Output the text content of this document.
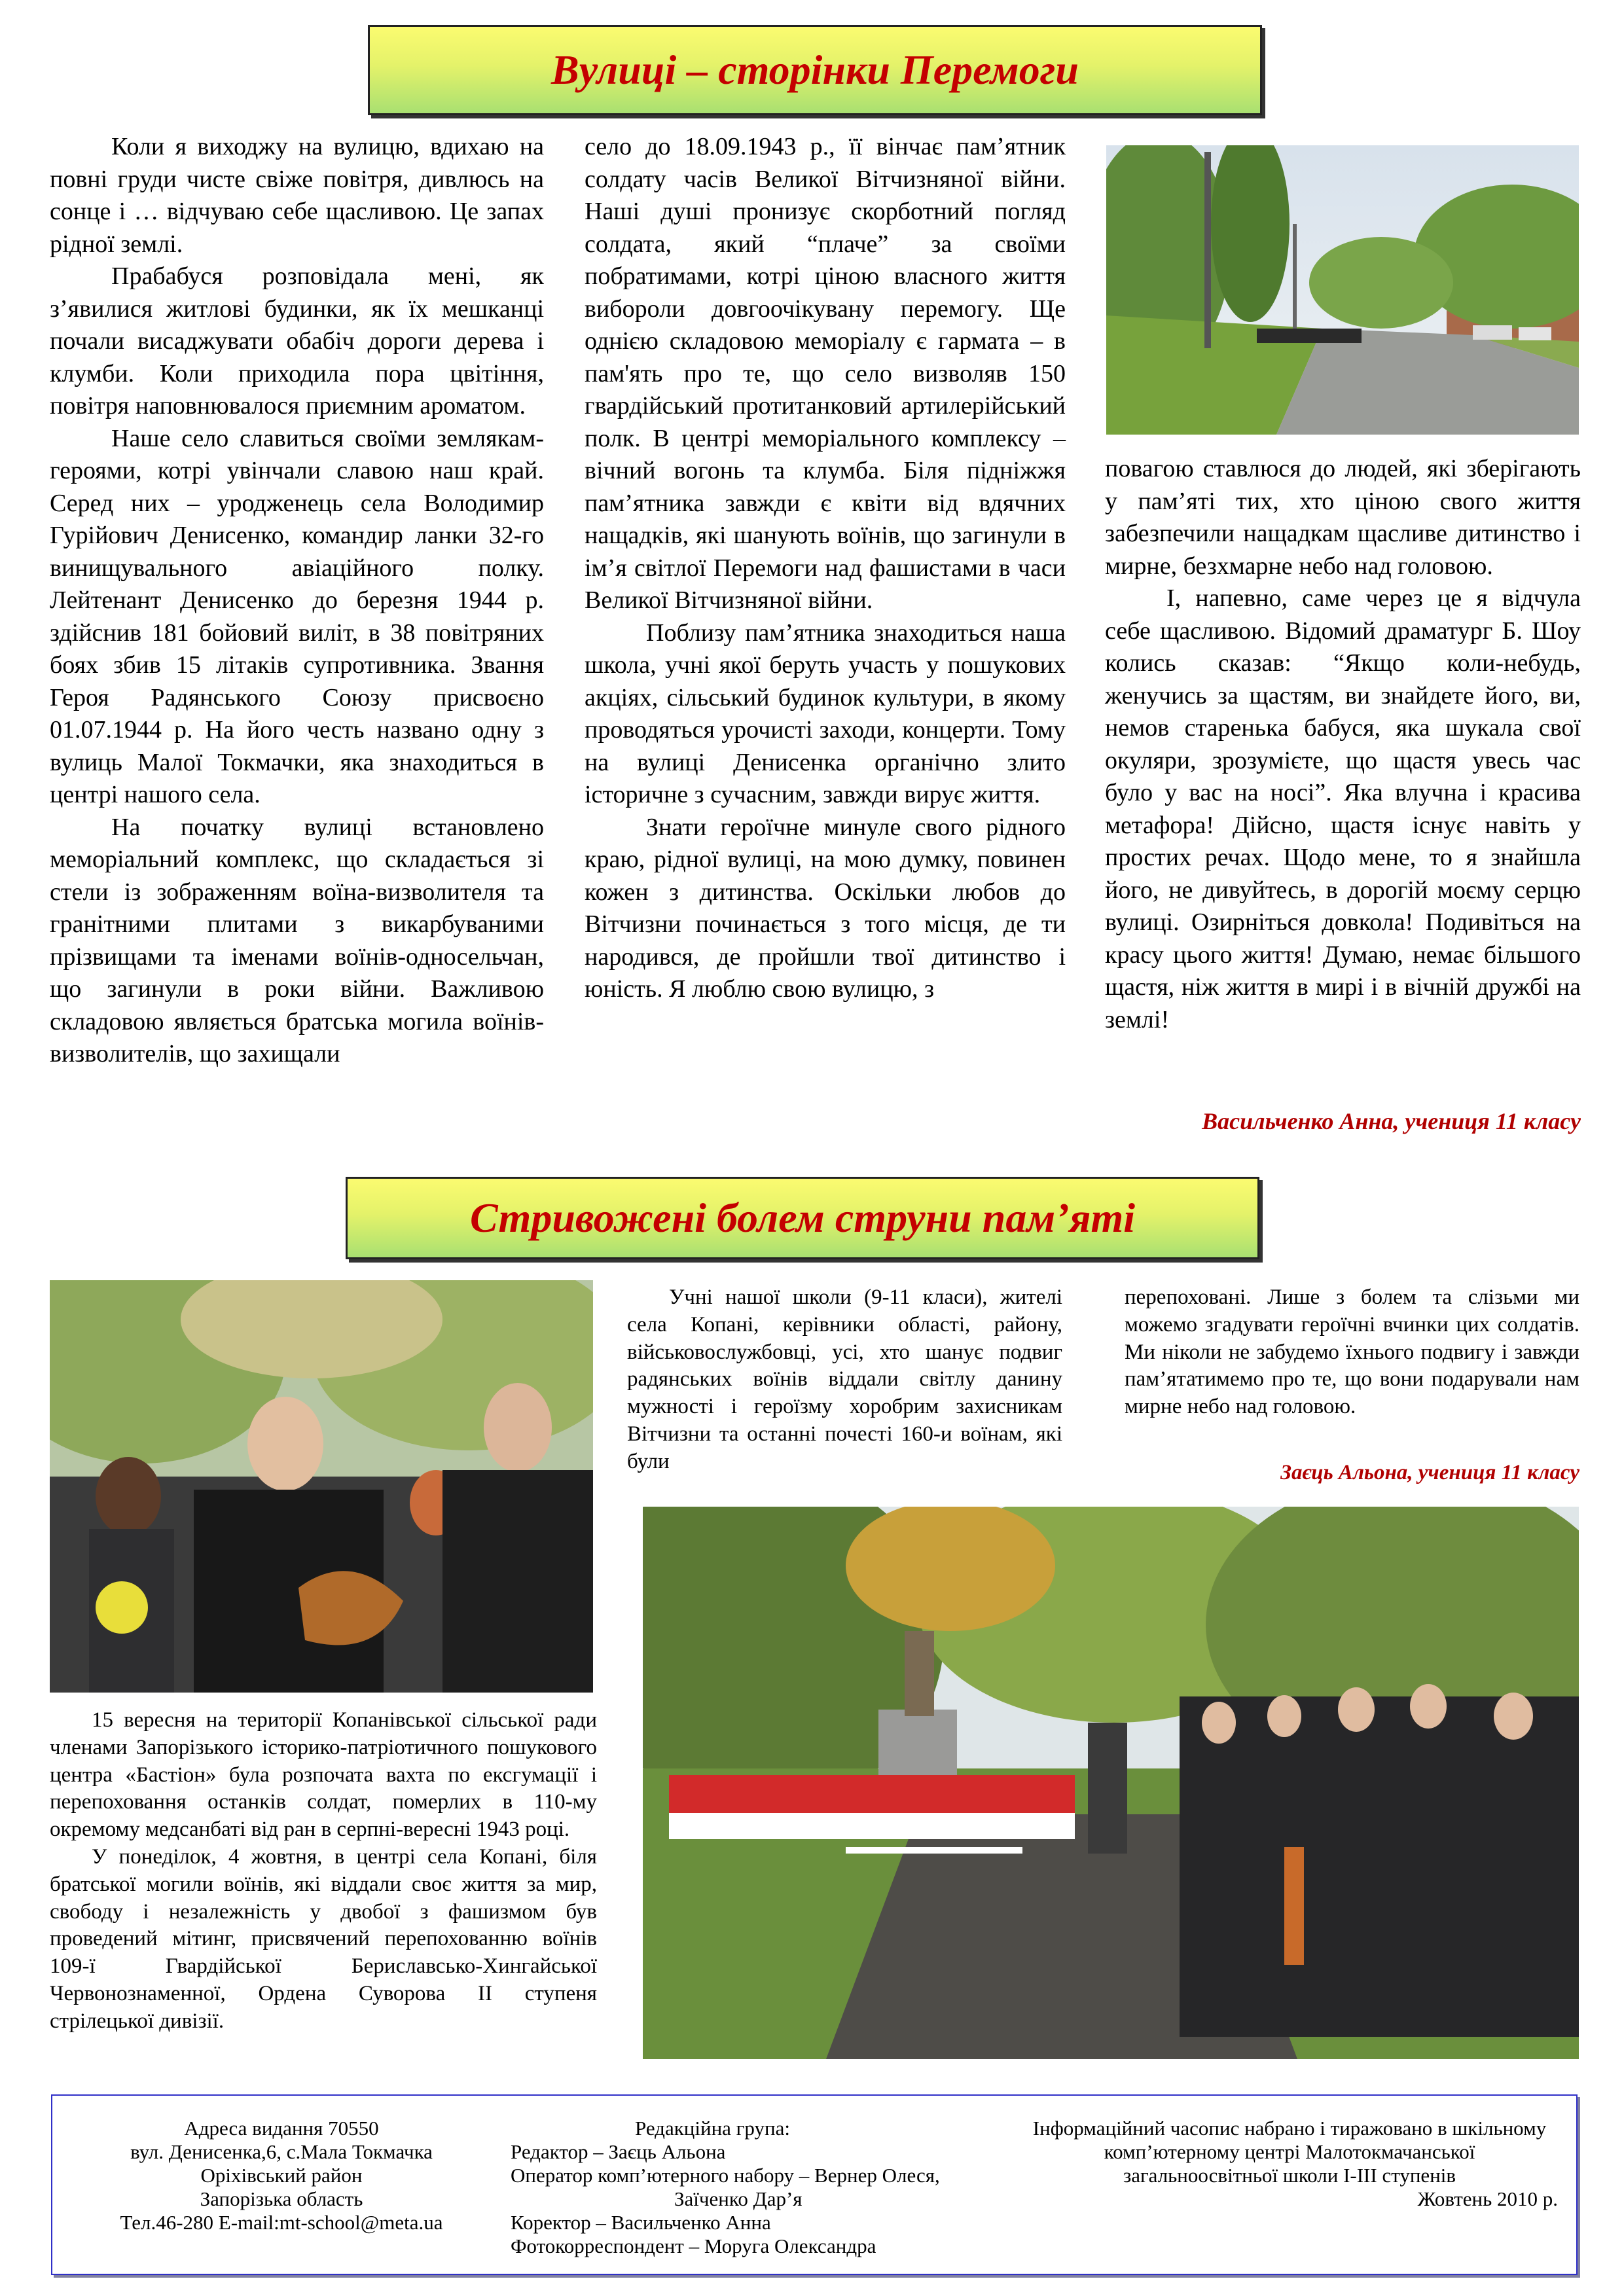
Вулиці – сторінки Перемоги

Коли я виходжу на вулицю, вдихаю на повні груди чисте свіже повітря, дивлюсь на сонце і … відчуваю себе щасливою. Це запах рідної землі.

Прабабуся розповідала мені, як з’явилися житлові будинки, як їх мешканці почали висаджувати обабіч дороги дерева і клумби. Коли приходила пора цвітіння, повітря наповнювалося приємним ароматом.

Наше село славиться своїми землякам-героями, котрі увінчали славою наш край. Серед них – уродженець села Володимир Гурійович Денисенко, командир ланки 32-го винищувального авіаційного полку. Лейтенант Денисенко до березня 1944 р. здійснив 181 бойовий виліт, в 38 повітряних боях збив 15 літаків супротивника. Звання Героя Радянського Союзу присвоєно 01.07.1944 р. На його честь названо одну з вулиць Малої Токмачки, яка знаходиться в центрі нашого села.

На початку вулиці встановлено меморіальний комплекс, що складається зі стели із зображенням воїна-визволителя та гранітними плитами з викарбуваними прізвищами та іменами воїнів-односельчан, що загинули в роки війни. Важливою складовою являється братська могила воїнів-визволителів, що захищали

село до 18.09.1943 р., її вінчає пам’ятник солдату часів Великої Вітчизняної війни. Наші душі пронизує скорботний погляд солдата, який “плаче” за своїми побратимами, котрі ціною власного життя вибороли довгоочікувану перемогу. Ще однією складовою меморіалу є гармата – в пам'ять про те, що село визволяв 150 гвардійський протитанковий артилерійський полк. В центрі меморіального комплексу – вічний вогонь та клумба. Біля підніжжя пам’ятника завжди є квіти від вдячних нащадків, які шанують воїнів, що загинули в ім’я світлої Перемоги над фашистами в часи Великої Вітчизняної війни.

Поблизу пам’ятника знаходиться наша школа, учні якої беруть участь у пошукових акціях, сільський будинок культури, в якому проводяться урочисті заходи, концерти. Тому на вулиці Денисенка органічно злито історичне з сучасним, завжди вирує життя.

Знати героїчне минуле свого рідного краю, рідної вулиці, на мою думку, повинен кожен з дитинства. Оскільки любов до Вітчизни починається з того місця, де ти народився, де пройшли твої дитинство і юність. Я люблю свою вулицю, з

повагою ставлюся до людей, які зберігають у пам’яті тих, хто ціною свого життя забезпечили нащадкам щасливе дитинство і мирне, безхмарне небо над головою.

І, напевно, саме через це я відчула себе щасливою. Відомий драматург Б. Шоу колись сказав: “Якщо коли-небудь, женучись за щастям, ви знайдете його, ви, немов старенька бабуся, яка шукала свої окуляри, зрозумієте, що щастя увесь час було у вас на носі”. Яка влучна і красива метафора! Дійсно, щастя існує навіть у простих речах. Щодо мене, то я знайшла його, не дивуйтесь, в дорогій моєму серцю вулиці. Озирніться довкола! Подивіться на красу цього життя! Думаю, немає більшого щастя, ніж життя в мирі і в вічній дружбі на землі!

Васильченко Анна, учениця 11 класу
Стривожені болем струни пам’яті

Учні нашої школи (9-11 класи), жителі села Копані, керівники області, району, військовослужбовці, усі, хто шанує подвиг радянських воїнів віддали світлу данину мужності і героїзму хоробрим захисникам Вітчизни та останні почесті 160-и воїнам, які були

перепоховані. Лише з болем та слізьми ми можемо згадувати героїчні вчинки цих солдатів. Ми ніколи не забудемо їхнього подвигу і завжди пам’ятатимемо про те, що вони подарували нам мирне небо над головою.

Заєць Альона, учениця 11 класу

15 вересня на території Копанівської сільської ради членами Запорізького історико-патріотичного пошукового центра «Бастіон» була розпочата вахта по ексгумації і перепоховання останків солдат, померлих в 110-му окремому медсанбаті від ран в серпні-вересні 1943 році.

У понеділок, 4 жовтня, в центрі села Копані, біля братської могили воїнів, які віддали своє життя за мир, свободу і незалежність у двобої з фашизмом був проведений мітинг, присвячений перепохованню воїнів 109-ї Гвардійської Бериславсько-Хингайської Червонознаменної, Ордена Суворова ІІ ступеня стрілецької дивізії.

Адреса видання 70550
вул. Денисенка,6, с.Мала Токмачка
Оріхівський район
Запорізька область
Тел.46-280 E-mail:mt-school@meta.ua
Редакційна група:
Редактор – Заєць Альона
Оператор комп’ютерного набору – Вернер Олеся,
Заїченко Дар’я
Коректор – Васильченко Анна
Фотокорреспондент – Моруга Олександра
Інформаційний часопис набрано і тиражовано в шкільному
комп’ютерному центрі Малотокмачанської
загальноосвітньої школи І-ІІІ ступенів
Жовтень 2010 р.
